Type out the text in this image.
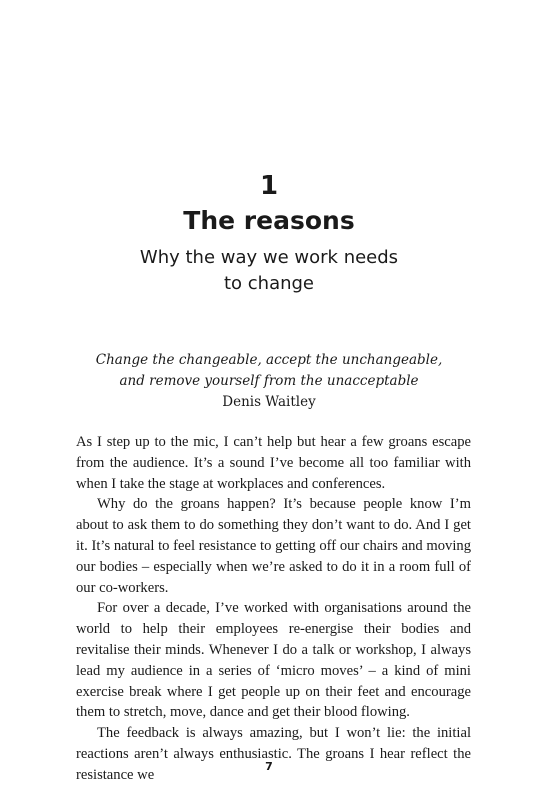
1
The reasons
Why the way we work needs
to change
Change the changeable, accept the unchangeable,
and remove yourself from the unacceptable
Denis Waitley

As I step up to the mic, I can’t help but hear a few groans escape from the audience. It’s a sound I’ve become all too familiar with when I take the stage at workplaces and conferences.

Why do the groans happen? It’s because people know I’m about to ask them to do something they don’t want to do. And I get it. It’s natural to feel resistance to getting off our chairs and moving our bodies – especially when we’re asked to do it in a room full of our co-workers.

For over a decade, I’ve worked with organisations around the world to help their employees re-energise their bodies and revitalise their minds. Whenever I do a talk or workshop, I always lead my audience in a series of ‘micro moves’ – a kind of mini exercise break where I get people up on their feet and encourage them to stretch, move, dance and get their blood flowing.

The feedback is always amazing, but I won’t lie: the initial reactions aren’t always enthusiastic. The groans I hear reflect the resistance we

7
